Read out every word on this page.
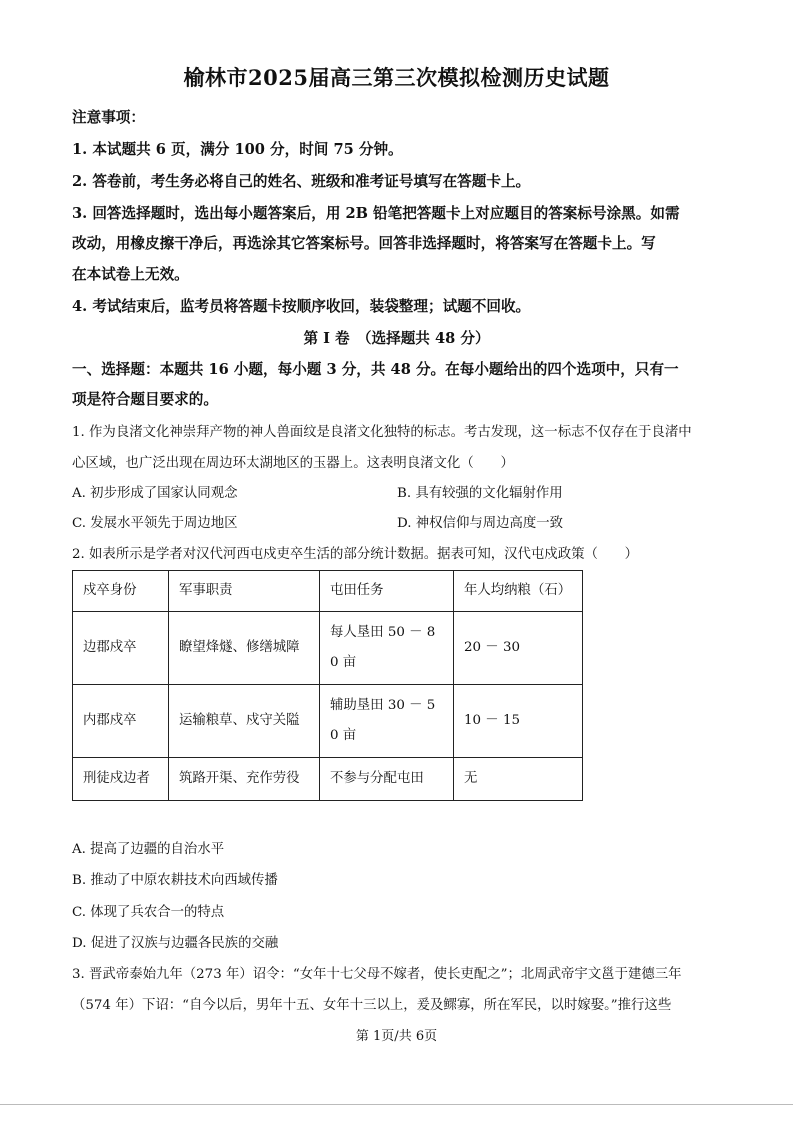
榆林市2025届高三第三次模拟检测历史试题
注意事项：
1. 本试题共 6 页，满分 100 分，时间 75 分钟。
2. 答卷前，考生务必将自己的姓名、班级和准考证号填写在答题卡上。
3. 回答选择题时，选出每小题答案后，用 2B 铅笔把答题卡上对应题目的答案标号涂黑。如需
改动，用橡皮擦干净后，再选涂其它答案标号。回答非选择题时，将答案写在答题卡上。写
在本试卷上无效。
4. 考试结束后，监考员将答题卡按顺序收回，装袋整理；试题不回收。
第 I 卷　（选择题共 48 分）
一、选择题：本题共 16 小题，每小题 3 分，共 48 分。在每小题给出的四个选项中，只有一
项是符合题目要求的。
1. 作为良渚文化神崇拜产物的神人兽面纹是良渚文化独特的标志。考古发现，这一标志不仅存在于良渚中
心区域，也广泛出现在周边环太湖地区的玉器上。这表明良渚文化（　　）
A. 初步形成了国家认同观念	B. 具有较强的文化辐射作用
C. 发展水平领先于周边地区	D. 神权信仰与周边高度一致
2. 如表所示是学者对汉代河西屯戍吏卒生活的部分统计数据。据表可知，汉代屯戍政策（　　）
戍卒身份	军事职责	屯田任务	年人均纳粮（石）
边郡戍卒	瞭望烽燧、修缮城障	每人垦田 50 － 80 亩	20 － 30
内郡戍卒	运输粮草、戍守关隘	辅助垦田 30 － 50 亩	10 － 15
刑徒戍边者	筑路开渠、充作劳役	不参与分配屯田	无
A. 提高了边疆的自治水平
B. 推动了中原农耕技术向西域传播
C. 体现了兵农合一的特点
D. 促进了汉族与边疆各民族的交融
3. 晋武帝泰始九年（273 年）诏令：“女年十七父母不嫁者，使长吏配之”；北周武帝宇文邕于建德三年
（574 年）下诏：“自今以后，男年十五、女年十三以上，爰及鳏寡，所在军民，以时嫁娶。”推行这些
第 1页/共 6页
